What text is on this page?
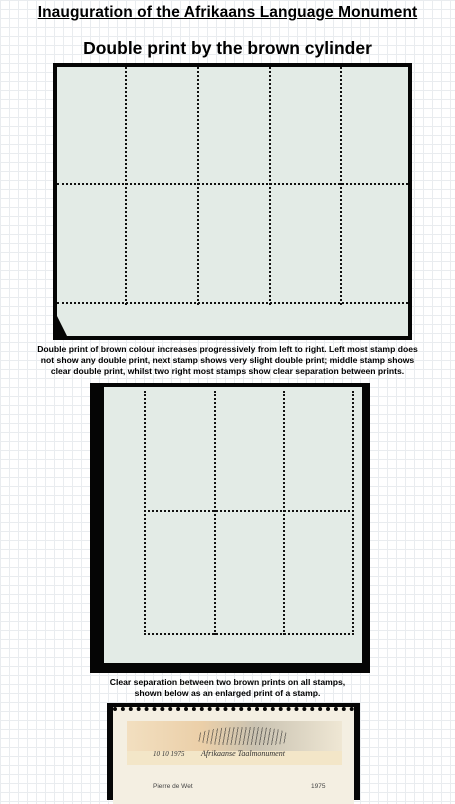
Inauguration of the Afrikaans Language Monument
Double print by the brown cylinder
Double print of brown colour increases progressively from left to right. Left most stamp does
not show any double print, next stamp shows very slight double print; middle stamp shows
clear double print, whilst two right most stamps show clear separation between prints.
Clear separation between two brown prints on all stamps,
shown below as an enlarged print of a stamp.
10 10 1975 Afrikaanse Taalmonument
Pierre de Wet	1975
